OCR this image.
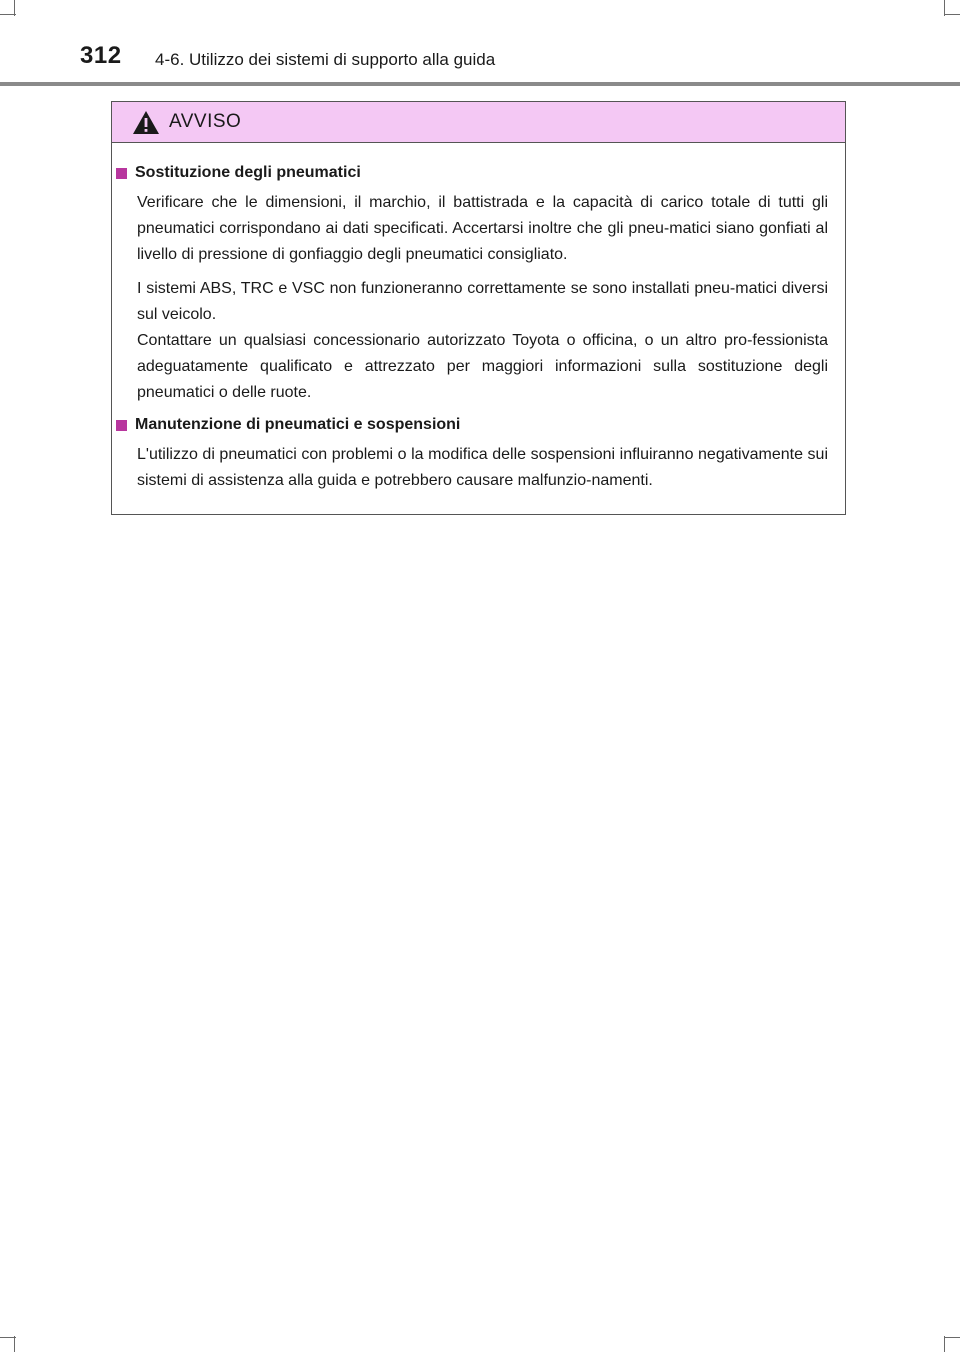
312 4-6. Utilizzo dei sistemi di supporto alla guida
AVVISO
Sostituzione degli pneumatici

Verificare che le dimensioni, il marchio, il battistrada e la capacità di carico totale di tutti gli pneumatici corrispondano ai dati specificati. Accertarsi inoltre che gli pneu-matici siano gonfiati al livello di pressione di gonfiaggio degli pneumatici consigliato.

I sistemi ABS, TRC e VSC non funzioneranno correttamente se sono installati pneu-matici diversi sul veicolo.

Contattare un qualsiasi concessionario autorizzato Toyota o officina, o un altro pro-fessionista adeguatamente qualificato e attrezzato per maggiori informazioni sulla sostituzione degli pneumatici o delle ruote.

Manutenzione di pneumatici e sospensioni

L'utilizzo di pneumatici con problemi o la modifica delle sospensioni influiranno negativamente sui sistemi di assistenza alla guida e potrebbero causare malfunzio-namenti.
